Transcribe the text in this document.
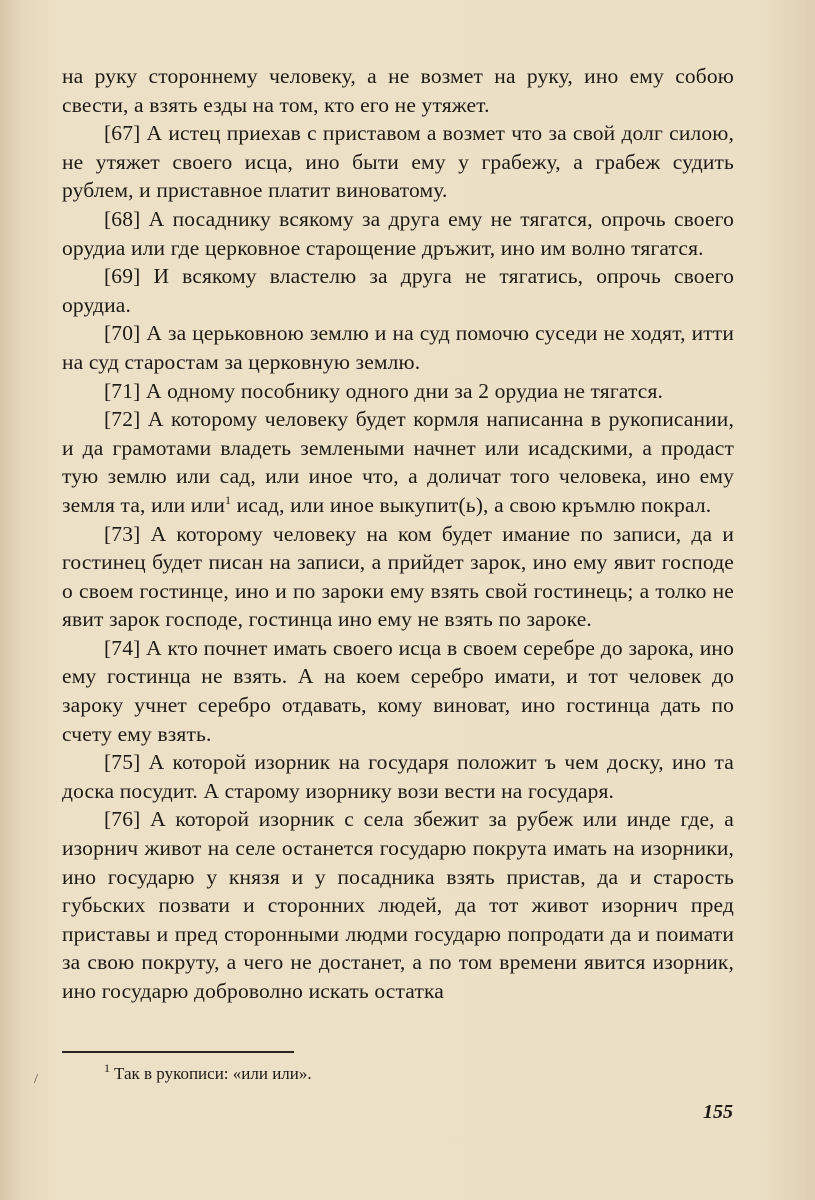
на руку стороннему человеку, а не возмет на руку, ино ему собою свести, а взять езды на том, кто его не утяжет.

[67] А истец приехав с приставом а возмет что за свой долг силою, не утяжет своего исца, ино быти ему у грабежу, а грабеж судить рублем, и приставное платит виноватому.

[68] А посаднику всякому за друга ему не тягатся, опрочь своего орудиа или где церковное старощение дръжит, ино им волно тягатся.

[69] И всякому властелю за друга не тягатись, опрочь своего орудиа.

[70] А за церьковною землю и на суд помочю суседи не ходят, итти на суд старостам за церковную землю.

[71] А одному пособнику одного дни за 2 орудиа не тягатся.

[72] А которому человеку будет кормля написанна в рукописании, и да грамотами владеть землеными начнет или исадскими, а продаст тую землю или сад, или иное что, а доличат того человека, ино ему земля та, или или$^1$ исад, или иное выкупит(ь), а свою кръмлю покрал.

[73] А которому человеку на ком будет имание по записи, да и гостинец будет писан на записи, а прийдет зарок, ино ему явит господе о своем гостинце, ино и по зароки ему взять свой гостинець; а толко не явит зарок господе, гостинца ино ему не взять по зароке.

[74] А кто почнет имать своего исца в своем серебре до зарока, ино ему гостинца не взять. А на коем серебро имати, и тот человек до зароку учнет серебро отдавать, кому виноват, ино гостинца дать по счету ему взять.

[75] А которой изорник на государя положит ъ чем доску, ино та доска посудит. А старому изорнику вози вести на государя.

[76] А которой изорник с села збежит за рубеж или инде где, а изорнич живот на селе останется государю покрута имать на изорники, ино государю у князя и у посадника взять пристав, да и старость губьских позвати и сторонних людей, да тот живот изорнич пред приставы и пред сторонными людми государю попродати да и поимати за свою покруту, а чего не достанет, а по том времени явится изорник, ино государю доброволно искать остатка

/
$^1$ Так в рукописи: «или или».
155
